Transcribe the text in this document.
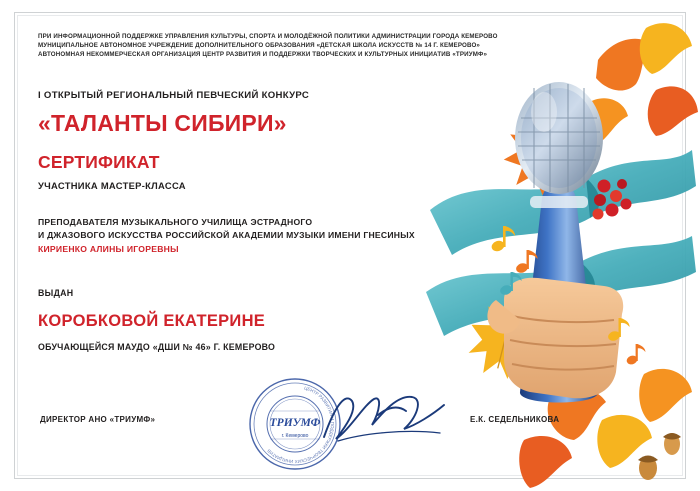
ПРИ ИНФОРМАЦИОННОЙ ПОДДЕРЖКЕ УПРАВЛЕНИЯ КУЛЬТУРЫ, СПОРТА И МОЛОДЁЖНОЙ ПОЛИТИКИ АДМИНИСТРАЦИИ ГОРОДА КЕМЕРОВО
МУНИЦИПАЛЬНОЕ АВТОНОМНОЕ УЧРЕЖДЕНИЕ ДОПОЛНИТЕЛЬНОГО ОБРАЗОВАНИЯ «ДЕТСКАЯ ШКОЛА ИСКУССТВ № 14 Г. КЕМЕРОВО»
АВТОНОМНАЯ НЕКОММЕРЧЕСКАЯ ОРГАНИЗАЦИЯ ЦЕНТР РАЗВИТИЯ И ПОДДЕРЖКИ ТВОРЧЕСКИХ И КУЛЬТУРНЫХ ИНИЦИАТИВ «ТРИУМФ»
I ОТКРЫТЫЙ РЕГИОНАЛЬНЫЙ ПЕВЧЕСКИЙ КОНКУРС
«ТАЛАНТЫ СИБИРИ»
СЕРТИФИКАТ
УЧАСТНИКА МАСТЕР-КЛАССА
ПРЕПОДАВАТЕЛЯ МУЗЫКАЛЬНОГО УЧИЛИЩА ЭСТРАДНОГО
И ДЖАЗОВОГО ИСКУССТВА РОССИЙСКОЙ АКАДЕМИИ МУЗЫКИ ИМЕНИ ГНЕСИНЫХ
КИРИЕНКО АЛИНЫ ИГОРЕВНЫ
ВЫДАН
КОРОБКОВОЙ ЕКАТЕРИНЕ
ОБУЧАЮЩЕЙСЯ МАУДО «ДШИ № 46» Г. КЕМЕРОВО
ДИРЕКТОР АНО «ТРИУМФ»	Е.К. СЕДЕЛЬНИКОВА
ЦЕНТР РАЗВИТИЯ И ПОДДЕРЖКИ ТВОРЧЕСКИХ ИНИЦИАТИВ
ТРИУМФ
г. Кемерово
